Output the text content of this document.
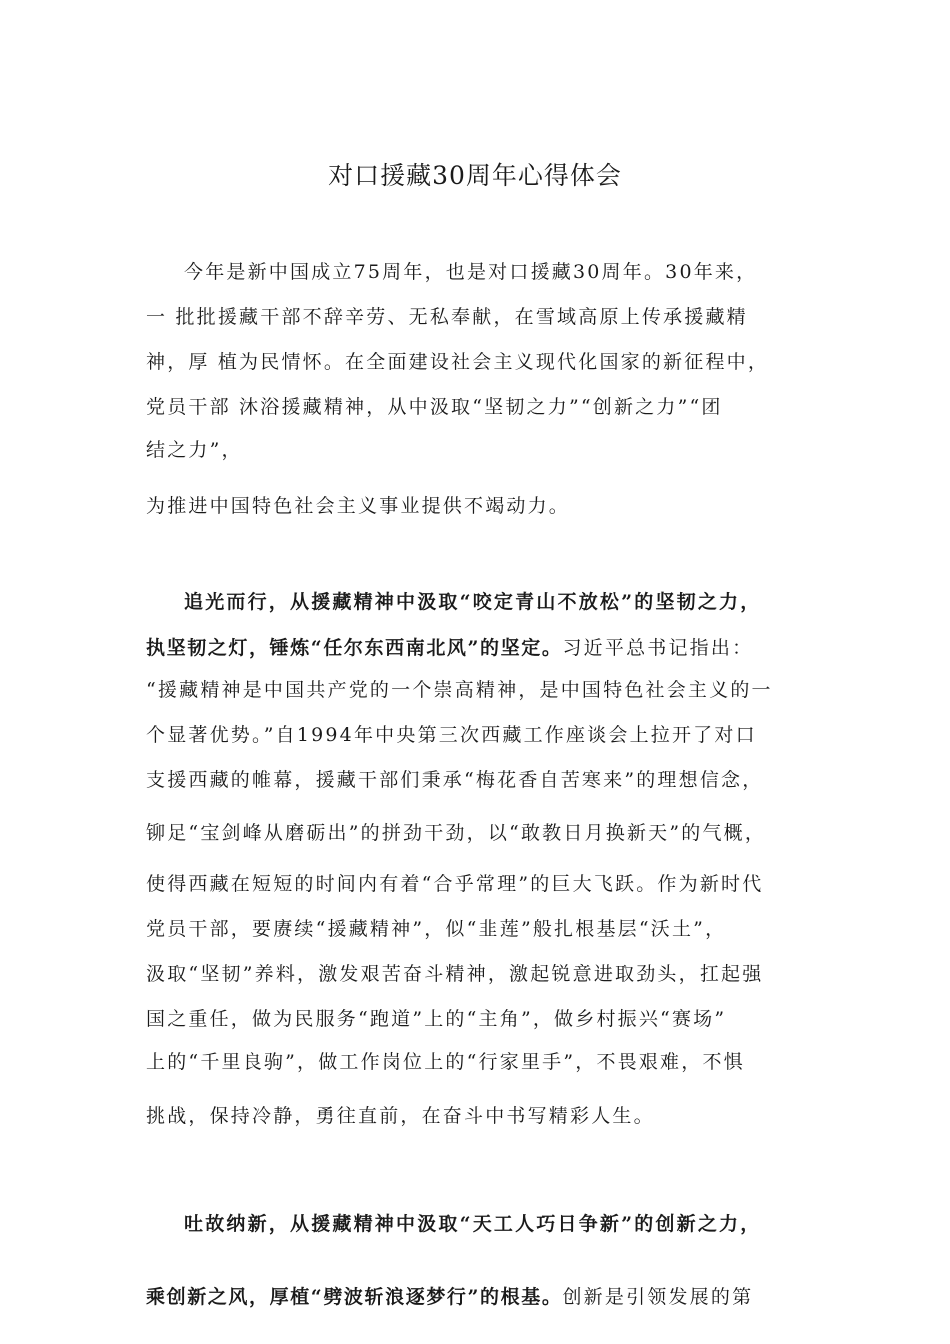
对口援藏30周年心得体会
今年是新中国成立75周年，也是对口援藏30周年。30年来，
一 批批援藏干部不辞辛劳、无私奉献，在雪域高原上传承援藏精
神，厚 植为民情怀。在全面建设社会主义现代化国家的新征程中，
党员干部 沐浴援藏精神，从中汲取“坚韧之力”“创新之力”“团
结之力”，
为推进中国特色社会主义事业提供不竭动力。
追光而行，从援藏精神中汲取“咬定青山不放松”的坚韧之力，
执坚韧之灯，锤炼“任尔东西南北风”的坚定。习近平总书记指出：
“援藏精神是中国共产党的一个崇高精神，是中国特色社会主义的一
个显著优势。”自1994年中央第三次西藏工作座谈会上拉开了对口
支援西藏的帷幕，援藏干部们秉承“梅花香自苦寒来”的理想信念，
铆足“宝剑峰从磨砺出”的拼劲干劲，以“敢教日月换新天”的气概，
使得西藏在短短的时间内有着“合乎常理”的巨大飞跃。作为新时代
党员干部，要赓续“援藏精神”，似“韭莲”般扎根基层“沃土”，
汲取“坚韧”养料，激发艰苦奋斗精神，激起锐意进取劲头，扛起强
国之重任，做为民服务“跑道”上的“主角”，做乡村振兴“赛场”
上的“千里良驹”，做工作岗位上的“行家里手”，不畏艰难，不惧
挑战，保持冷静，勇往直前，在奋斗中书写精彩人生。
吐故纳新，从援藏精神中汲取“天工人巧日争新”的创新之力，
乘创新之风，厚植“劈波斩浪逐梦行”的根基。创新是引领发展的第
